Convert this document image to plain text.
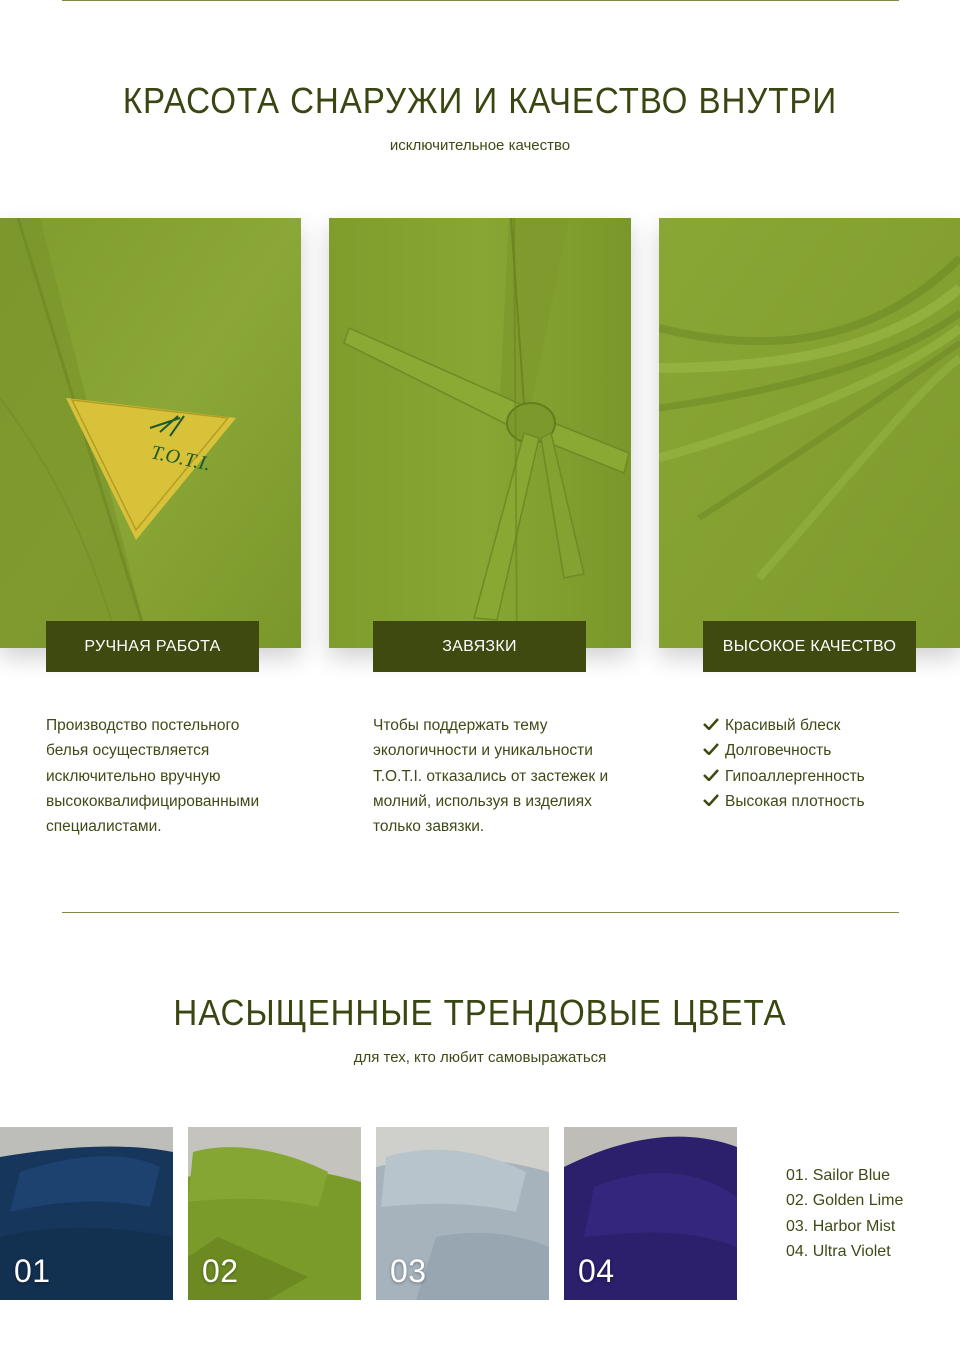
КРАСОТА СНАРУЖИ И КАЧЕСТВО ВНУТРИ
исключительное качество
T.O.T.I.
РУЧНАЯ РАБОТА	ЗАВЯЗКИ	ВЫСОКОЕ КАЧЕСТВО

Производство постельного белья осуществляется исключительно вручную высококвалифицированными специалистами.

Чтобы поддержать тему экологичности и уникальности T.O.T.I. отказались от застежек и молний, используя в изделиях только завязки.

Красивый блеск
Долговечность
Гипоаллергенность
Высокая плотность
НАСЫЩЕННЫЕ ТРЕНДОВЫЕ ЦВЕТА
для тех, кто любит самовыражаться
01	02	03	04
01. Sailor Blue
02. Golden Lime
03. Harbor Mist
04. Ultra Violet
